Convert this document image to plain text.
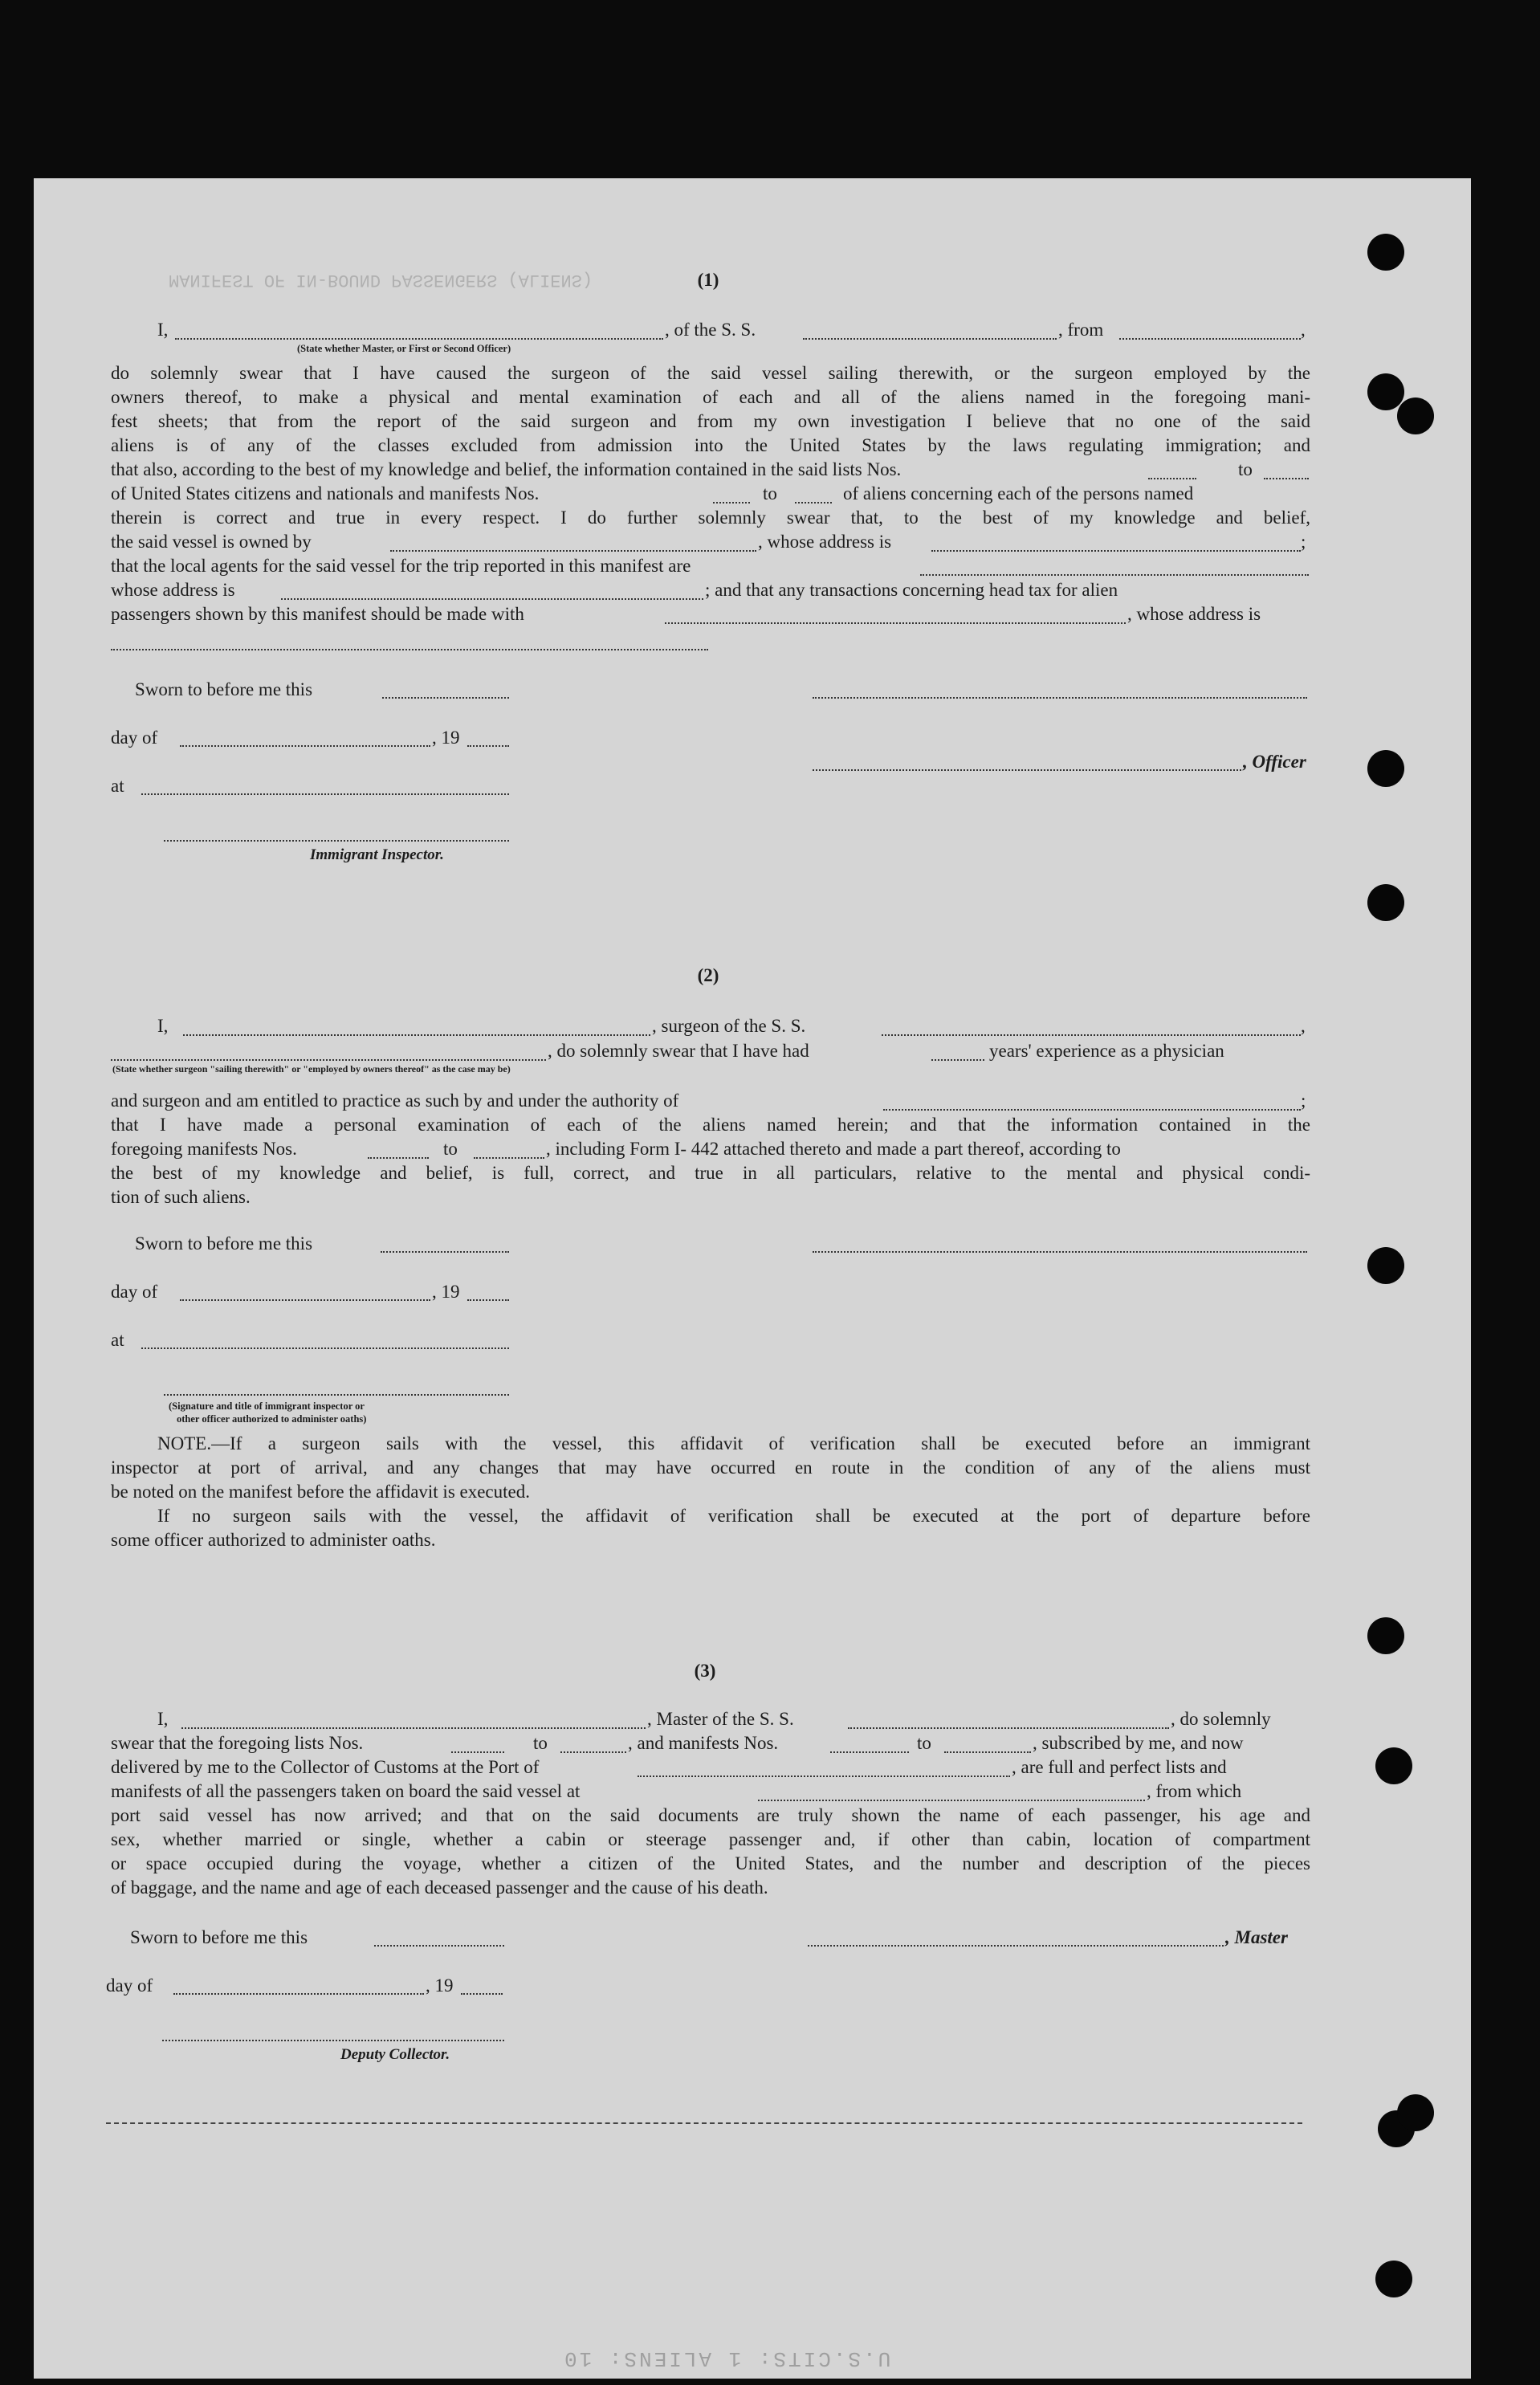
(1)
I,	, of the S. S.	, from	,
(State whether Master, or First or Second Officer)
do solemnly swear that I have caused the surgeon of the said vessel sailing therewith, or the surgeon employed by the
owners thereof, to make a physical and mental examination of each and all of the aliens named in the foregoing mani-
fest sheets; that from the report of the said surgeon and from my own investigation I believe that no one of the said
aliens is of any of the classes excluded from admission into the United States by the laws regulating immigration; and
that also, according to the best of my knowledge and belief, the information contained in the said lists Nos.	to
of United States citizens and nationals and manifests Nos.	to	of aliens concerning each of the persons named
therein is correct and true in every respect. I do further solemnly swear that, to the best of my knowledge and belief,
the said vessel is owned by	, whose address is	;
that the local agents for the said vessel for the trip reported in this manifest are
whose address is	; and that any transactions concerning head tax for alien
passengers shown by this manifest should be made with	, whose address is
Sworn to before me this
day of	, 19
, Officer
at
Immigrant Inspector.
(2)
I,	, surgeon of the S. S.	,
, do solemnly swear that I have had	years' experience as a physician
(State whether surgeon "sailing therewith" or "employed by owners thereof" as the case may be)
and surgeon and am entitled to practice as such by and under the authority of	;
that I have made a personal examination of each of the aliens named herein; and that the information contained in the
foregoing manifests Nos.	to	, including Form I- 442 attached thereto and made a part thereof, according to
the best of my knowledge and belief, is full, correct, and true in all particulars, relative to the mental and physical condi-
tion of such aliens.
Sworn to before me this
day of	, 19
at
(Signature and title of immigrant inspector or
other officer authorized to administer oaths)
NOTE.—If a surgeon sails with the vessel, this affidavit of verification shall be executed before an immigrant
inspector at port of arrival, and any changes that may have occurred en route in the condition of any of the aliens must
be noted on the manifest before the affidavit is executed.
If no surgeon sails with the vessel, the affidavit of verification shall be executed at the port of departure before
some officer authorized to administer oaths.
(3)
I,	, Master of the S. S.	, do solemnly
swear that the foregoing lists Nos.	to	, and manifests Nos.	to	, subscribed by me, and now
delivered by me to the Collector of Customs at the Port of	, are full and perfect lists and
manifests of all the passengers taken on board the said vessel at	, from which
port said vessel has now arrived; and that on the said documents are truly shown the name of each passenger, his age and
sex, whether married or single, whether a cabin or steerage passenger and, if other than cabin, location of compartment
or space occupied during the voyage, whether a citizen of the United States, and the number and description of the pieces
of baggage, and the name and age of each deceased passenger and the cause of his death.
Sworn to before me this	, Master
day of	, 19
Deputy Collector.
MANIFEST OF IN-BOUND PASSENGERS (ALIENS)
U.S.CITS: 1 ALIENS: 10
